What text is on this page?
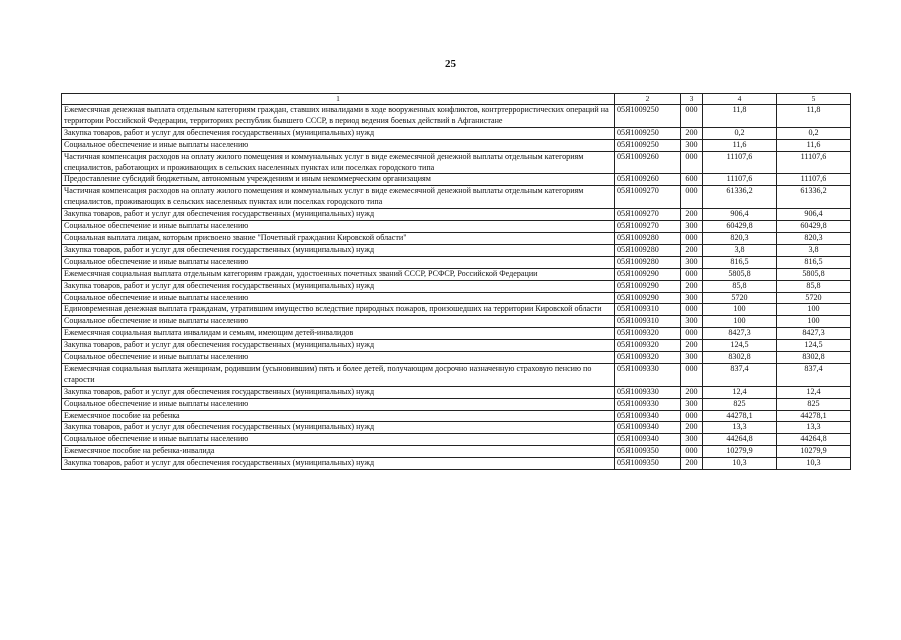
25
1	2	3	4	5
Ежемесячная денежная выплата отдельным категориям граждан, ставших инвалидами в ходе вооруженных конфликтов, контртеррористических операций на территории Российской Федерации, территориях республик бывшего СССР, в период ведения боевых действий в Афганистане	05Я1009250	000	11,8	11,8
Закупка товаров, работ и услуг для обеспечения государственных (муниципальных) нужд	05Я1009250	200	0,2	0,2
Социальное обеспечение и иные выплаты населению	05Я1009250	300	11,6	11,6
Частичная компенсация расходов на оплату жилого помещения и коммунальных услуг в виде ежемесячной денежной выплаты отдельным категориям специалистов, работающих и проживающих в сельских населенных пунктах или поселках городского типа	05Я1009260	000	11107,6	11107,6
Предоставление субсидий бюджетным, автономным учреждениям и иным некоммерческим организациям	05Я1009260	600	11107,6	11107,6
Частичная компенсация расходов на оплату жилого помещения и коммунальных услуг в виде ежемесячной денежной выплаты отдельным категориям специалистов, проживающих в сельских населенных пунктах или поселках городского типа	05Я1009270	000	61336,2	61336,2
Закупка товаров, работ и услуг для обеспечения государственных (муниципальных) нужд	05Я1009270	200	906,4	906,4
Социальное обеспечение и иные выплаты населению	05Я1009270	300	60429,8	60429,8
Социальная выплата лицам, которым присвоено звание "Почетный гражданин Кировской области"	05Я1009280	000	820,3	820,3
Закупка товаров, работ и услуг для обеспечения государственных (муниципальных) нужд	05Я1009280	200	3,8	3,8
Социальное обеспечение и иные выплаты населению	05Я1009280	300	816,5	816,5
Ежемесячная социальная выплата отдельным категориям граждан, удостоенных почетных званий СССР, РСФСР, Российской Федерации	05Я1009290	000	5805,8	5805,8
Закупка товаров, работ и услуг для обеспечения государственных (муниципальных) нужд	05Я1009290	200	85,8	85,8
Социальное обеспечение и иные выплаты населению	05Я1009290	300	5720	5720
Единовременная денежная выплата гражданам, утратившим имущество вследствие природных пожаров, произошедших на территории Кировской области	05Я1009310	000	100	100
Социальное обеспечение и иные выплаты населению	05Я1009310	300	100	100
Ежемесячная социальная выплата инвалидам и семьям, имеющим детей-инвалидов	05Я1009320	000	8427,3	8427,3
Закупка товаров, работ и услуг для обеспечения государственных (муниципальных) нужд	05Я1009320	200	124,5	124,5
Социальное обеспечение и иные выплаты населению	05Я1009320	300	8302,8	8302,8
Ежемесячная социальная выплата женщинам, родившим (усыновившим) пять и более детей, получающим досрочно назначенную страховую пенсию по старости	05Я1009330	000	837,4	837,4
Закупка товаров, работ и услуг для обеспечения государственных (муниципальных) нужд	05Я1009330	200	12,4	12,4
Социальное обеспечение и иные выплаты населению	05Я1009330	300	825	825
Ежемесячное пособие на ребенка	05Я1009340	000	44278,1	44278,1
Закупка товаров, работ и услуг для обеспечения государственных (муниципальных) нужд	05Я1009340	200	13,3	13,3
Социальное обеспечение и иные выплаты населению	05Я1009340	300	44264,8	44264,8
Ежемесячное пособие на ребенка-инвалида	05Я1009350	000	10279,9	10279,9
Закупка товаров, работ и услуг для обеспечения государственных (муниципальных) нужд	05Я1009350	200	10,3	10,3
